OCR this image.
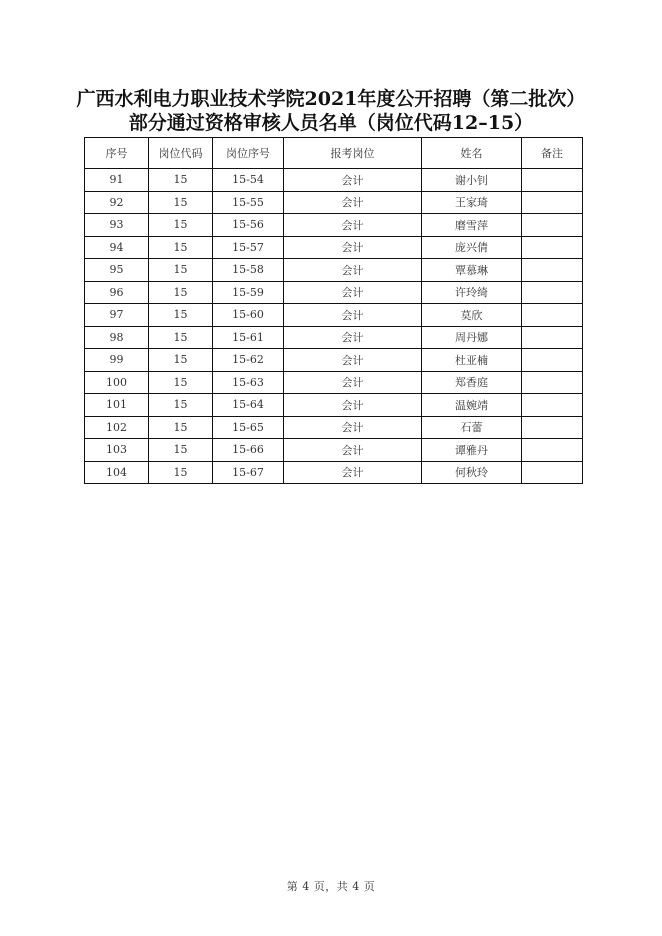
广西水利电力职业技术学院2021年度公开招聘（第二批次）
部分通过资格审核人员名单（岗位代码12–15）
序号	岗位代码	岗位序号	报考岗位	姓名	备注
91	15	15-54	会计	谢小钊	
92	15	15-55	会计	王家琦	
93	15	15-56	会计	磨雪萍	
94	15	15-57	会计	庞兴倩	
95	15	15-58	会计	覃慕琳	
96	15	15-59	会计	许玲绮	
97	15	15-60	会计	莫欣	
98	15	15-61	会计	周丹娜	
99	15	15-62	会计	杜亚楠	
100	15	15-63	会计	郑香庭	
101	15	15-64	会计	温婉靖	
102	15	15-65	会计	石蕾	
103	15	15-66	会计	谭雅丹	
104	15	15-67	会计	何秋玲	
第 4 页，共 4 页
